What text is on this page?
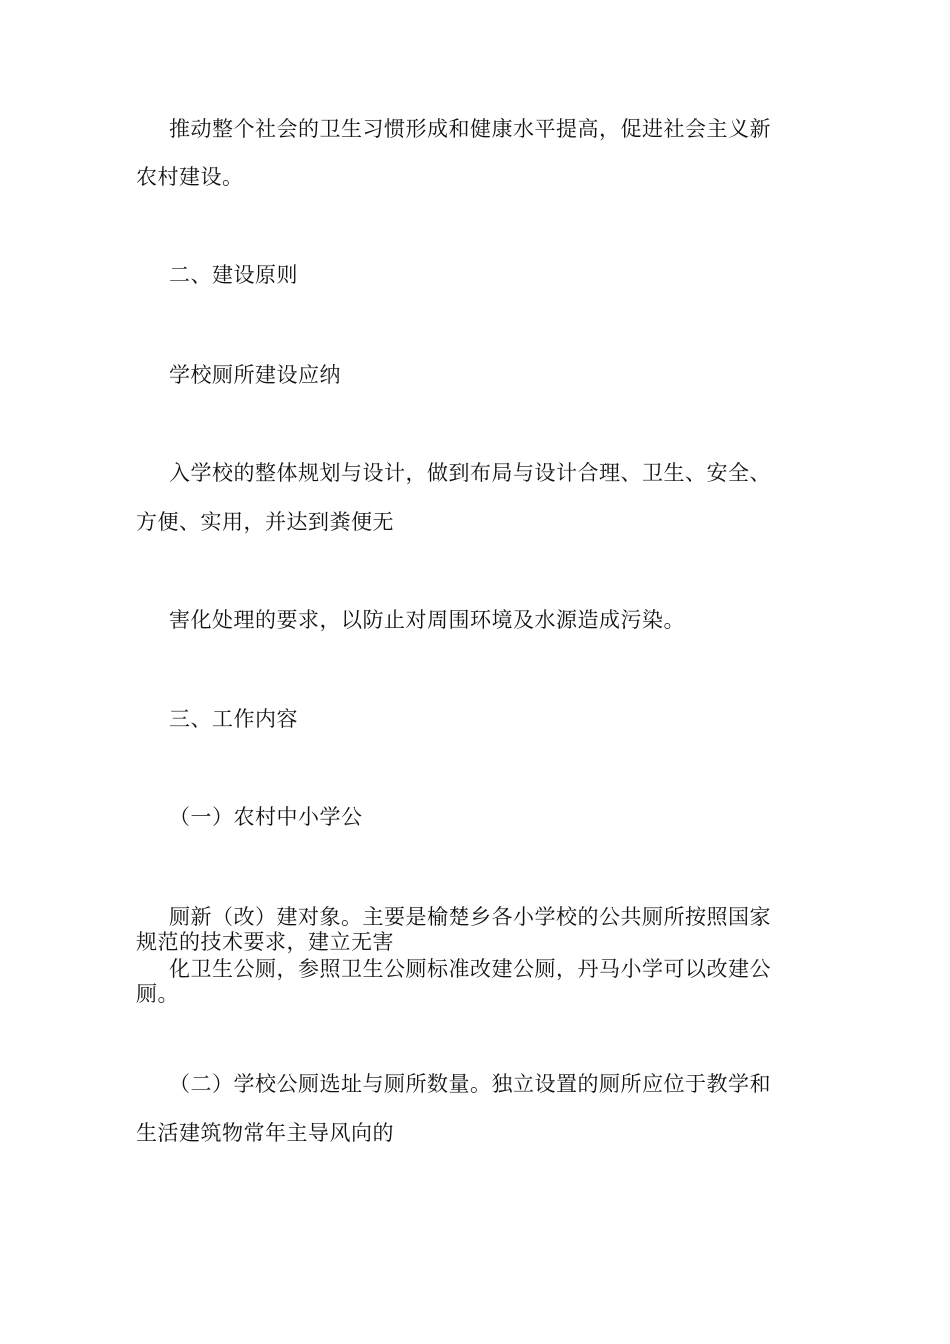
推动整个社会的卫生习惯形成和健康水平提高，促进社会主义新
农村建设。
二、建设原则
学校厕所建设应纳
入学校的整体规划与设计，做到布局与设计合理、卫生、安全、
方便、实用，并达到粪便无
害化处理的要求，以防止对周围环境及水源造成污染。
三、工作内容
（一）农村中小学公
厕新（改）建对象。主要是榆楚乡各小学校的公共厕所按照国家
规范的技术要求，建立无害
化卫生公厕，参照卫生公厕标准改建公厕，丹马小学可以改建公
厕。
（二）学校公厕选址与厕所数量。独立设置的厕所应位于教学和
生活建筑物常年主导风向的
